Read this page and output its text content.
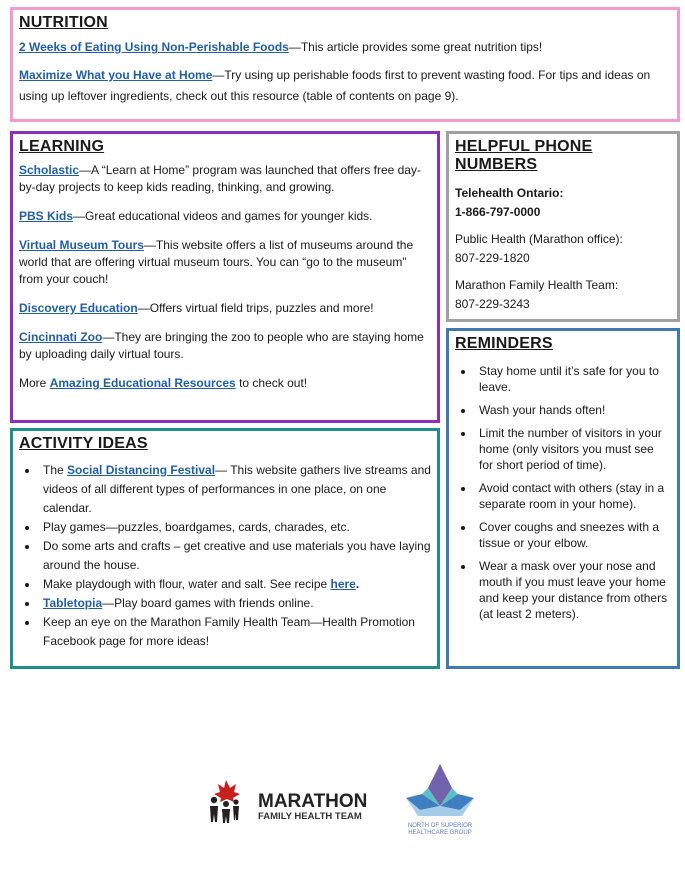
NUTRITION

2 Weeks of Eating Using Non-Perishable Foods—This article provides some great nutrition tips!

Maximize What you Have at Home—Try using up perishable foods first to prevent wasting food. For tips and ideas on using up leftover ingredients, check out this resource (table of contents on page 9).

LEARNING

Scholastic—A “Learn at Home” program was launched that offers free day-by-day projects to keep kids reading, thinking, and growing.

PBS Kids—Great educational videos and games for younger kids.

Virtual Museum Tours—This website offers a list of museums around the world that are offering virtual museum tours. You can “go to the museum” from your couch!

Discovery Education—Offers virtual field trips, puzzles and more!

Cincinnati Zoo—They are bringing the zoo to people who are staying home by uploading daily virtual tours.

More Amazing Educational Resources to check out!

HELPFUL PHONE NUMBERS

Telehealth Ontario:
1-866-797-0000

Public Health (Marathon office):
807-229-1820

Marathon Family Health Team:
807-229-3243

REMINDERS
• Stay home until it’s safe for you to leave.
• Wash your hands often!
• Limit the number of visitors in your home (only visitors you must see for short period of time).
• Avoid contact with others (stay in a separate room in your home).
• Cover coughs and sneezes with a tissue or your elbow.
• Wear a mask over your nose and mouth if you must leave your home and keep your distance from others (at least 2 meters).
ACTIVITY IDEAS
• The Social Distancing Festival— This website gathers live streams and videos of all different types of performances in one place, on one calendar.
• Play games—puzzles, boardgames, cards, charades, etc.
• Do some arts and crafts – get creative and use materials you have laying around the house.
• Make playdough with flour, water and salt. See recipe here.
• Tabletopia—Play board games with friends online.
• Keep an eye on the Marathon Family Health Team—Health Promotion Facebook page for more ideas!
MARATHON
FAMILY HEALTH TEAM
NORTH OF SUPERIOR
HEALTHCARE GROUP
